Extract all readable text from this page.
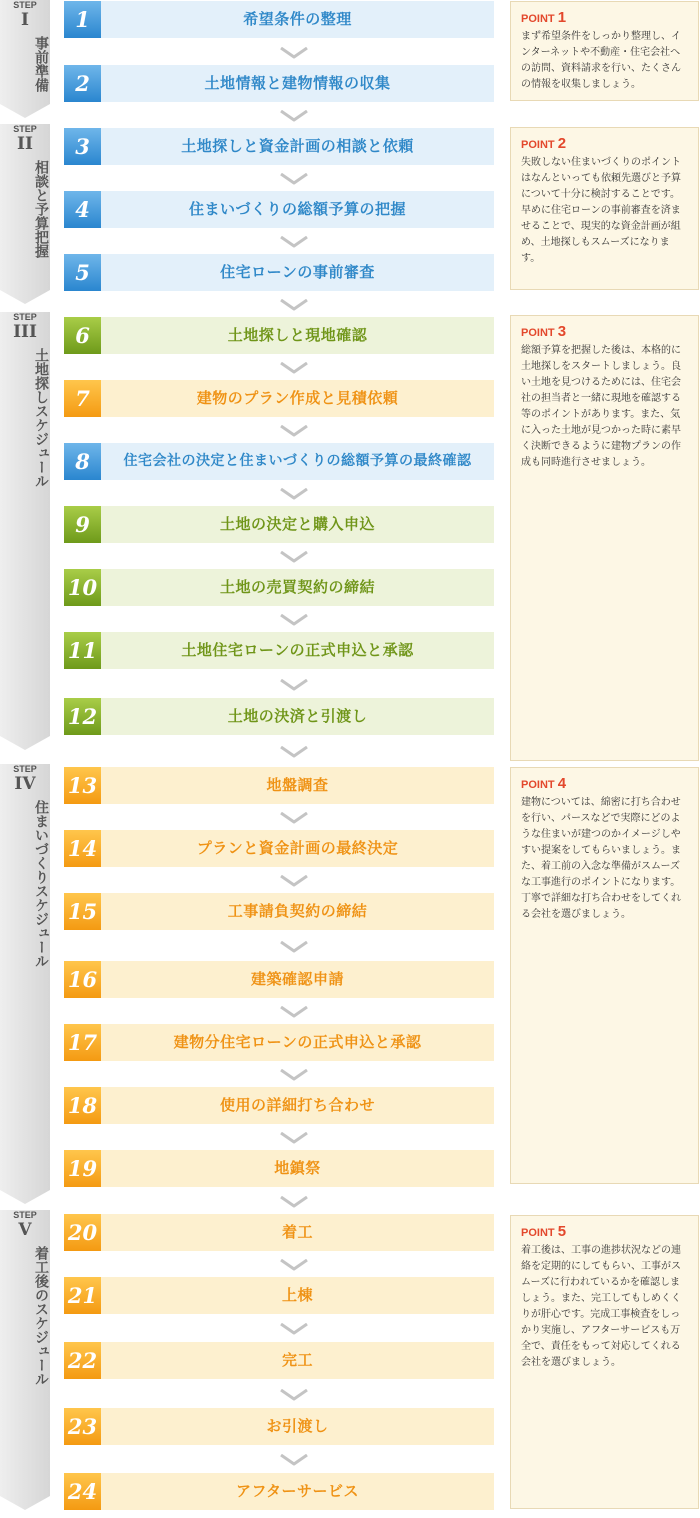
STEP
I
事前準備
STEP
II
相談と予算把握
STEP
III
土地探しスケジュール
STEP
IV
住まいづくりスケジュール
STEP
V
着工後のスケジュール
1	希望条件の整理
2	土地情報と建物情報の収集
3	土地探しと資金計画の相談と依頼
4	住まいづくりの総額予算の把握
5	住宅ローンの事前審査
6	土地探しと現地確認
7	建物のプラン作成と見積依頼
8	住宅会社の決定と住まいづくりの総額予算の最終確認
9	土地の決定と購入申込
10	土地の売買契約の締結
11	土地住宅ローンの正式申込と承認
12	土地の決済と引渡し
13	地盤調査
14	プランと資金計画の最終決定
15	工事請負契約の締結
16	建築確認申請
17	建物分住宅ローンの正式申込と承認
18	使用の詳細打ち合わせ
19	地鎮祭
20	着工
21	上棟
22	完工
23	お引渡し
24	アフターサービス
POINT 1
まず希望条件をしっかり整理し、インターネットや不動産・住宅会社への訪問、資料請求を行い、たくさんの情報を収集しましょう。
POINT 2
失敗しない住まいづくりのポイントはなんといっても依頼先選びと予算について十分に検討することです。早めに住宅ローンの事前審査を済ませることで、現実的な資金計画が組め、土地探しもスムーズになります。
POINT 3
総額予算を把握した後は、本格的に土地探しをスタートしましょう。良い土地を見つけるためには、住宅会社の担当者と一緒に現地を確認する等のポイントがあります。また、気に入った土地が見つかった時に素早く決断できるように建物プランの作成も同時進行させましょう。
POINT 4
建物については、綿密に打ち合わせを行い、パースなどで実際にどのような住まいが建つのかイメージしやすい提案をしてもらいましょう。また、着工前の入念な準備がスムーズな工事進行のポイントになります。丁寧で詳細な打ち合わせをしてくれる会社を選びましょう。
POINT 5
着工後は、工事の進捗状況などの連絡を定期的にしてもらい、工事がスムーズに行われているかを確認しましょう。また、完工してもしめくくりが肝心です。完成工事検査をしっかり実施し、アフターサービスも万全で、責任をもって対応してくれる会社を選びましょう。
